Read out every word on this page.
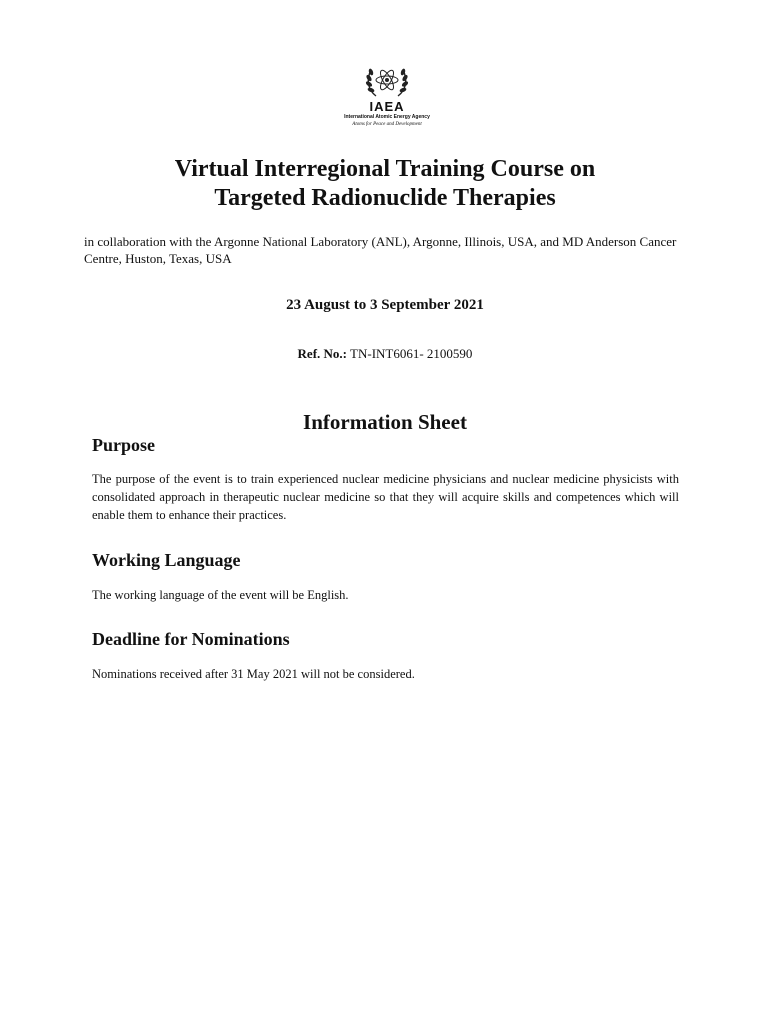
IAEA
International Atomic Energy Agency
Atoms for Peace and Development
Virtual Interregional Training Course on
Targeted Radionuclide Therapies
in collaboration with the Argonne National Laboratory (ANL), Argonne, Illinois, USA, and MD Anderson Cancer Centre, Huston, Texas, USA
23 August to 3 September 2021
Ref. No.: TN-INT6061- 2100590
Information Sheet
Purpose
The purpose of the event is to train experienced nuclear medicine physicians and nuclear medicine physicists with consolidated approach in therapeutic nuclear medicine so that they will acquire skills and competences which will enable them to enhance their practices.
Working Language
The working language of the event will be English.
Deadline for Nominations
Nominations received after 31 May 2021 will not be considered.
